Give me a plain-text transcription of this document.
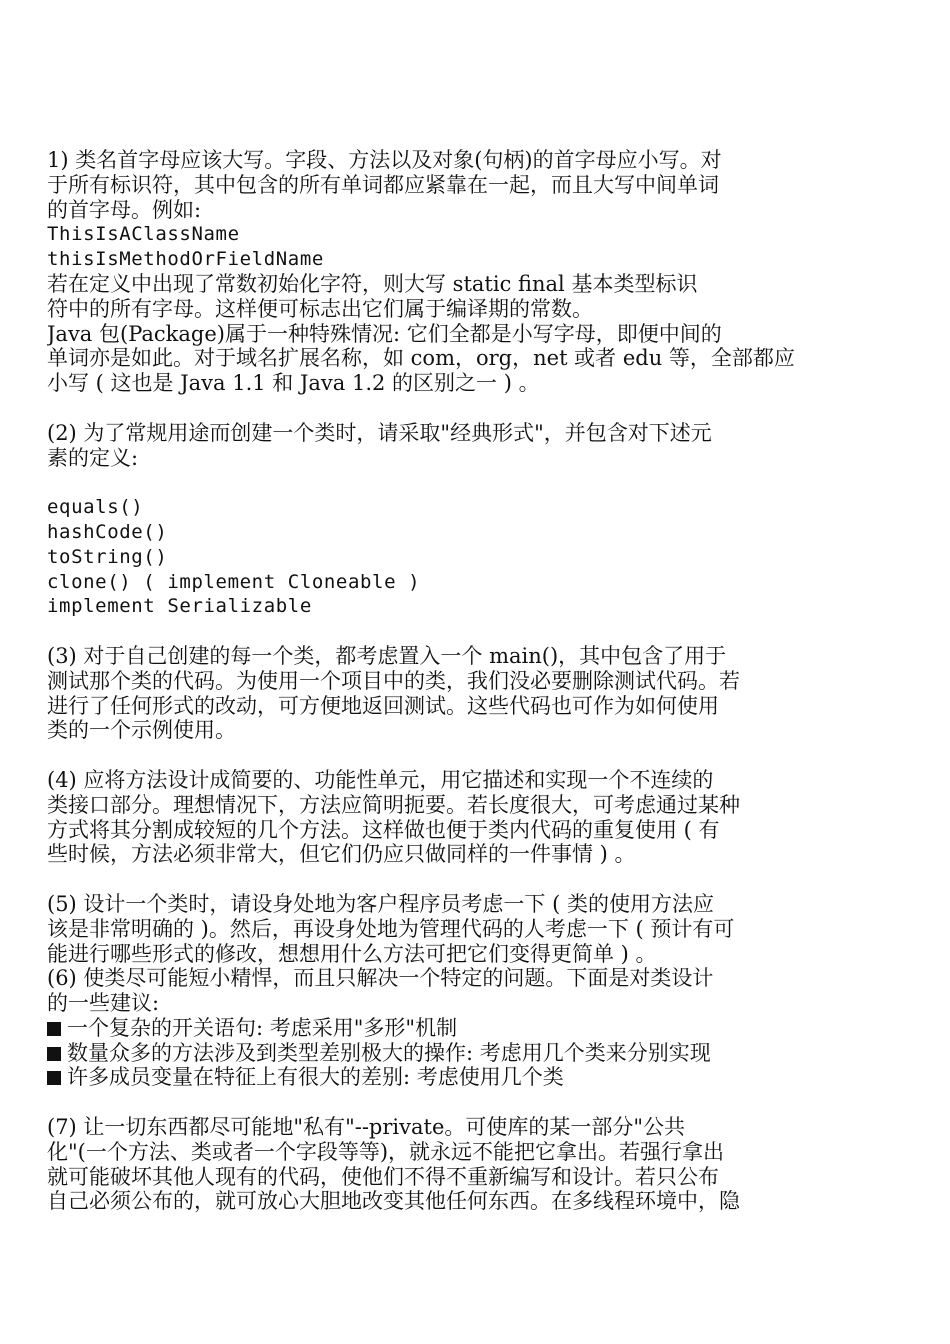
1) 类名首字母应该大写。字段、方法以及对象(句柄)的首字母应小写。对
于所有标识符，其中包含的所有单词都应紧靠在一起，而且大写中间单词
的首字母。例如:
ThisIsAClassName
thisIsMethodOrFieldName
若在定义中出现了常数初始化字符，则大写 static final 基本类型标识
符中的所有字母。这样便可标志出它们属于编译期的常数。
Java 包(Package)属于一种特殊情况: 它们全都是小写字母，即便中间的
单词亦是如此。对于域名扩展名称，如 com，org，net 或者 edu 等，全部都应
小写 ( 这也是 Java 1.1 和 Java 1.2 的区别之一 ) 。
(2) 为了常规用途而创建一个类时，请采取"经典形式"，并包含对下述元
素的定义:
equals()
hashCode()
toString()
clone() ( implement Cloneable )
implement Serializable
(3) 对于自己创建的每一个类，都考虑置入一个 main()，其中包含了用于
测试那个类的代码。为使用一个项目中的类，我们没必要删除测试代码。若
进行了任何形式的改动，可方便地返回测试。这些代码也可作为如何使用
类的一个示例使用。
(4) 应将方法设计成简要的、功能性单元，用它描述和实现一个不连续的
类接口部分。理想情况下，方法应简明扼要。若长度很大，可考虑通过某种
方式将其分割成较短的几个方法。这样做也便于类内代码的重复使用 ( 有
些时候，方法必须非常大，但它们仍应只做同样的一件事情 ) 。
(5) 设计一个类时，请设身处地为客户程序员考虑一下 ( 类的使用方法应
该是非常明确的 )。然后，再设身处地为管理代码的人考虑一下 ( 预计有可
能进行哪些形式的修改，想想用什么方法可把它们变得更简单 ) 。
(6) 使类尽可能短小精悍，而且只解决一个特定的问题。下面是对类设计
的一些建议:
一个复杂的开关语句: 考虑采用"多形"机制
数量众多的方法涉及到类型差别极大的操作: 考虑用几个类来分别实现
许多成员变量在特征上有很大的差别: 考虑使用几个类
(7) 让一切东西都尽可能地"私有"--private。可使库的某一部分"公共
化"(一个方法、类或者一个字段等等)，就永远不能把它拿出。若强行拿出
就可能破坏其他人现有的代码，使他们不得不重新编写和设计。若只公布
自己必须公布的，就可放心大胆地改变其他任何东西。在多线程环境中，隐
